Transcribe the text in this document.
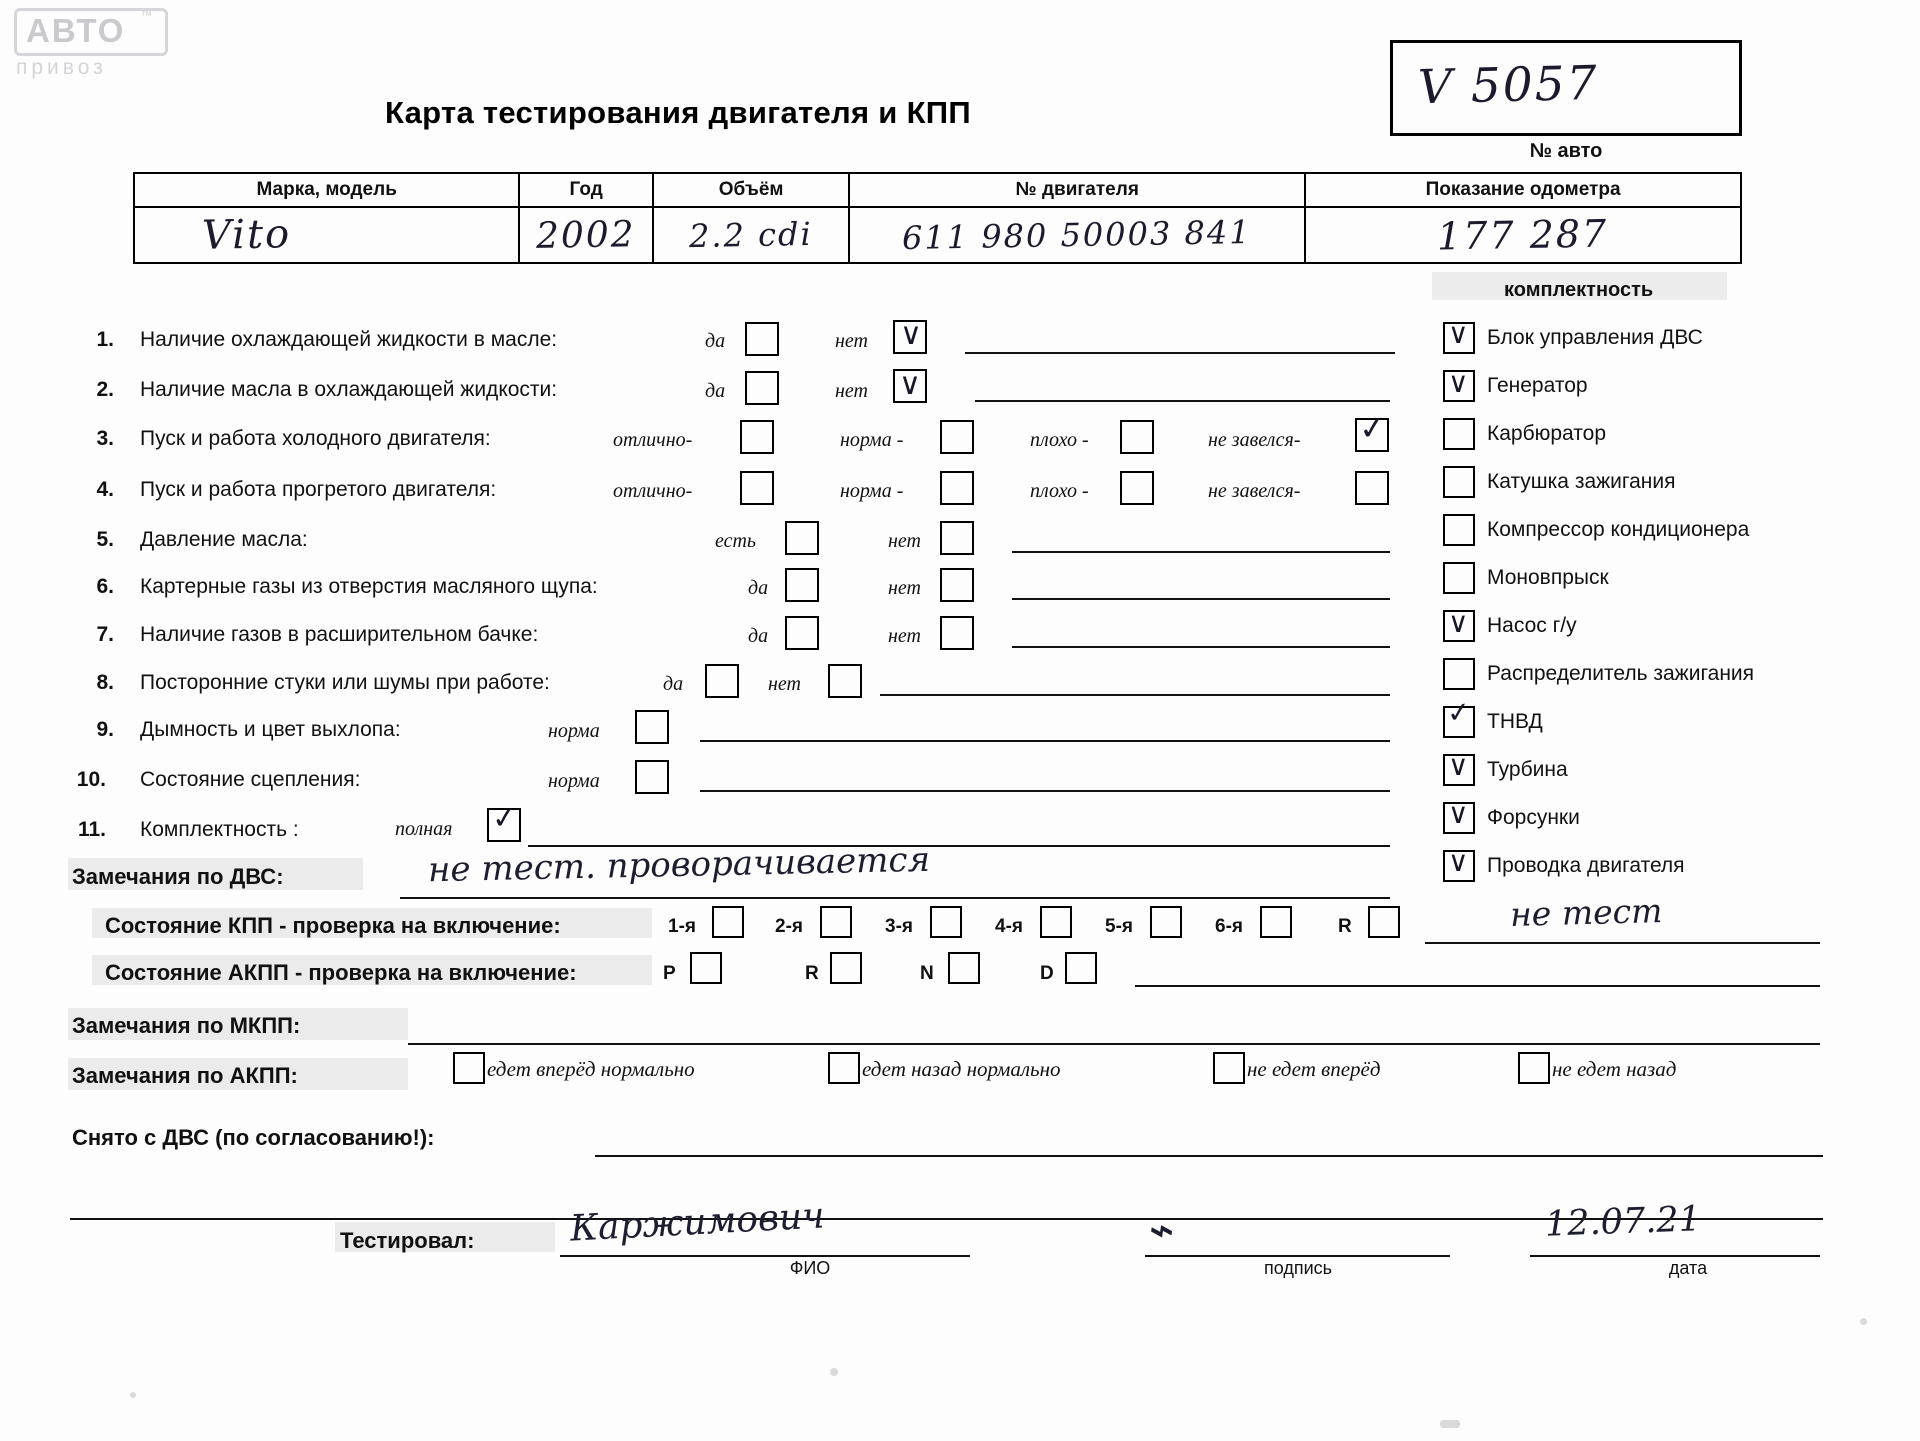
АВТО ™
привоз
Карта тестирования двигателя и КПП	V 5057
№ авто
Марка, модель	Год	Объём	№ двигателя	Показание одометра
Vito	2002	2.2 cdi	611 980 50003 841	177 287
комплектность
1. Наличие охлаждающей жидкости в масле:	да	нет ∨
2. Наличие масла в охлаждающей жидкости:	да	нет ∨
3. Пуск и работа холодного двигателя:	отлично-	норма -	плохо -	не завелся- ✓
4. Пуск и работа прогретого двигателя:	отлично-	норма -	плохо -	не завелся-
5. Давление масла:	есть	нет
6. Картерные газы из отверстия масляного щупа:	да	нет
7. Наличие газов в расширительном бачке:	да	нет
8. Посторонние стуки или шумы при работе:	да	нет
9. Дымность и цвет выхлопа:	норма
10. Состояние сцепления:	норма
11. Комплектность :	полная ✓
∨ Блок управления ДВС
∨ Генератор
Карбюратор
Катушка зажигания
Компрессор кондиционера
Моновпрыск
∨ Насос г/у
Распределитель зажигания
✓ ТНВД
∨ Турбина
∨ Форсунки
∨ Проводка двигателя
Замечания по ДВС:	не тест. проворачивается
Состояние КПП - проверка на включение:	1-я	2-я	3-я	4-я	5-я	6-я	R	не тест
Состояние АКПП - проверка на включение:	P	R	N	D
Замечания по МКПП:
Замечания по АКПП:	едет вперёд нормально	едет назад нормально	не едет вперёд	не едет назад
Снято с ДВС (по согласованию!):
Тестировал:	Каржимович
ФИО
⌁
подпись
12.07.21
дата
